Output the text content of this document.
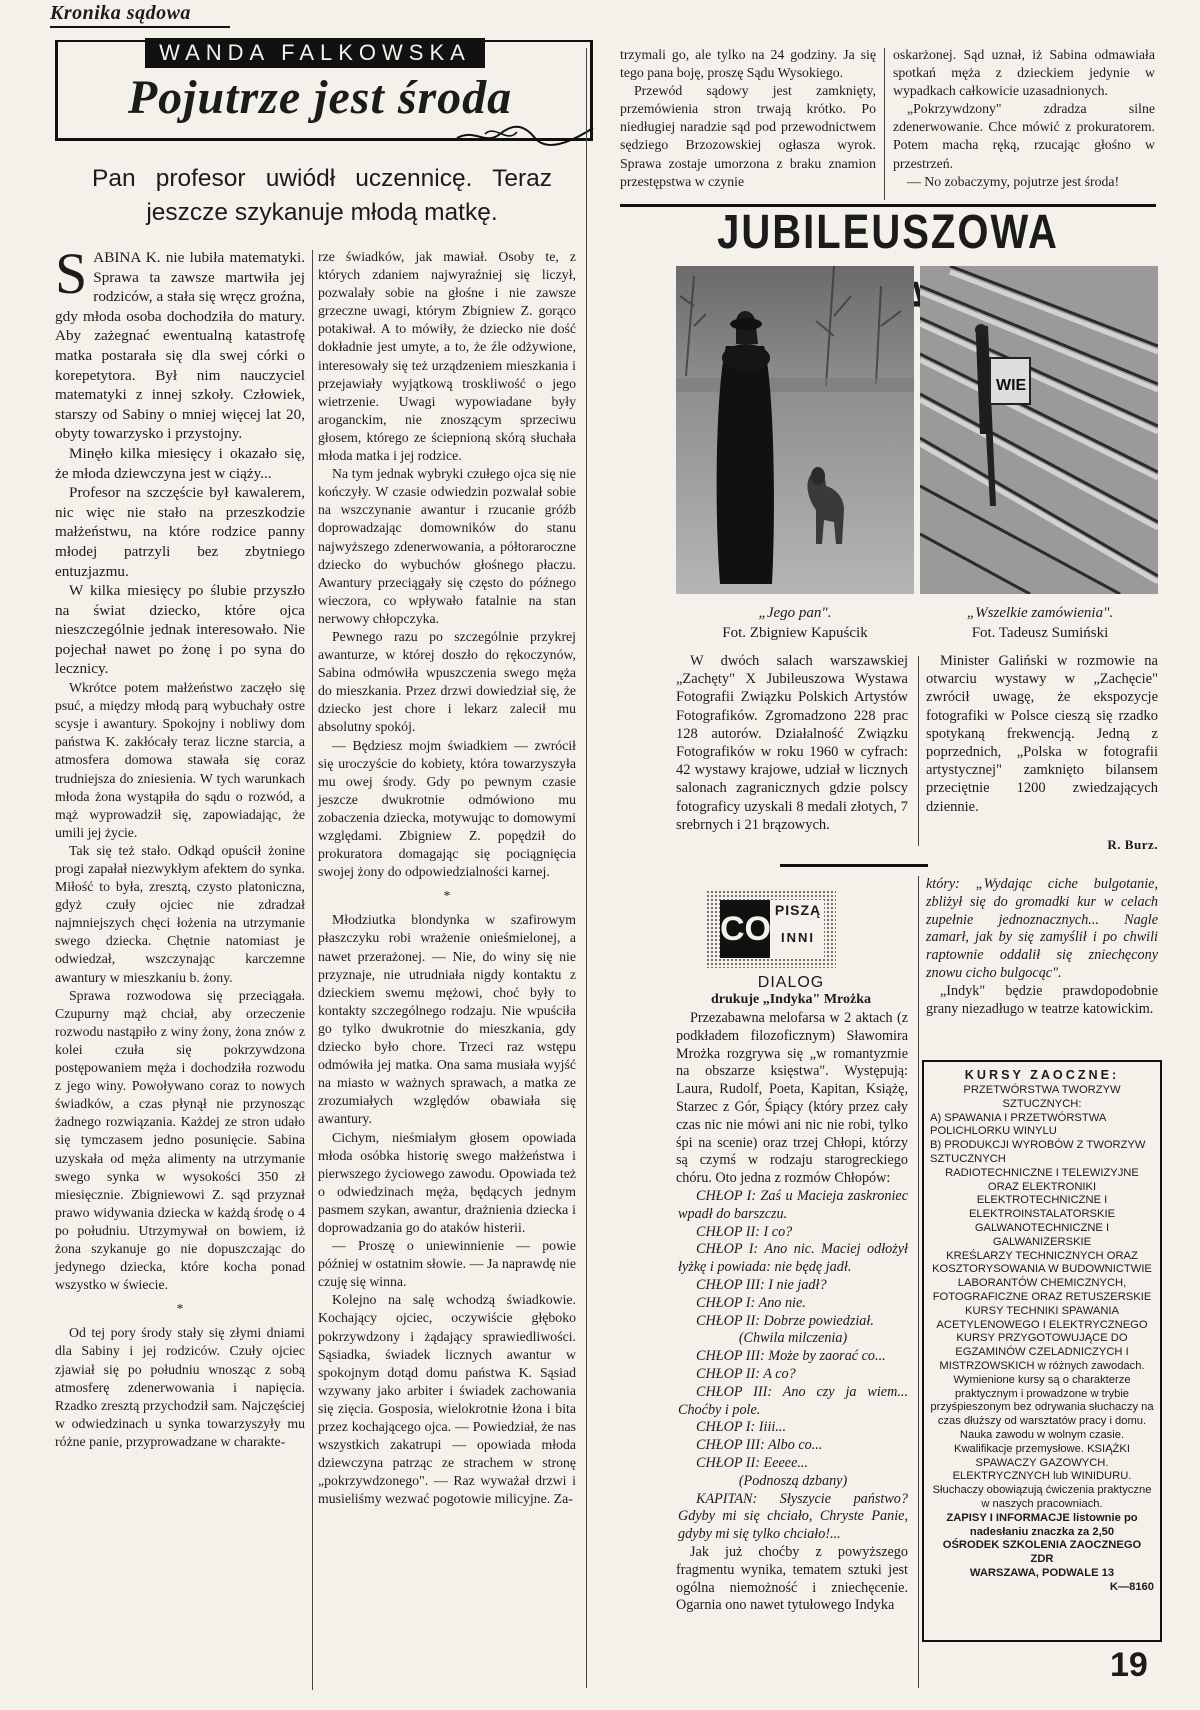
Kronika sądowa
WANDA FALKOWSKA
Pojutrze jest środa
Pan profesor uwiódł uczennicę. Teraz jeszcze szykanuje młodą matkę.

SABINA K. nie lubiła matematyki. Sprawa ta zawsze martwiła jej rodziców, a stała się wręcz groźna, gdy młoda osoba dochodziła do matury. Aby zażegnać ewentualną katastrofę matka postarała się dla swej córki o korepetytora. Był nim nauczyciel matematyki z innej szkoły. Człowiek, starszy od Sabiny o mniej więcej lat 20, obyty towarzysko i przystojny.

Minęło kilka miesięcy i okazało się, że młoda dziewczyna jest w ciąży...

Profesor na szczęście był kawalerem, nic więc nie stało na przeszkodzie małżeństwu, na które rodzice panny młodej patrzyli bez zbytniego entuzjazmu.

W kilka miesięcy po ślubie przyszło na świat dziecko, które ojca nieszczególnie jednak interesowało. Nie pojechał nawet po żonę i po syna do lecznicy.

Wkrótce potem małżeństwo zaczęło się psuć, a między młodą parą wybuchały ostre scysje i awantury. Spokojny i nobliwy dom państwa K. zakłócały teraz liczne starcia, a atmosfera domowa stawała się coraz trudniejsza do zniesienia. W tych warunkach młoda żona wystąpiła do sądu o rozwód, a mąż wyprowadził się, zapowiadając, że umili jej życie.

Tak się też stało. Odkąd opuścił żonine progi zapałał niezwykłym afektem do synka. Miłość to była, zresztą, czysto platoniczna, gdyż czuły ojciec nie zdradzał najmniejszych chęci łożenia na utrzymanie swego dziecka. Chętnie natomiast je odwiedzał, wszczynając karczemne awantury w mieszkaniu b. żony.

Sprawa rozwodowa się przeciągała. Czupurny mąż chciał, aby orzeczenie rozwodu nastąpiło z winy żony, żona znów z kolei czuła się pokrzywdzona postępowaniem męża i dochodziła rozwodu z jego winy. Powoływano coraz to nowych świadków, a czas płynął nie przynosząc żadnego rozwiązania. Każdej ze stron udało się tymczasem jedno posunięcie. Sabina uzyskała od męża alimenty na utrzymanie swego synka w wysokości 350 zł miesięcznie. Zbigniewowi Z. sąd przyznał prawo widywania dziecka w każdą środę o 4 po południu. Utrzymywał on bowiem, iż żona szykanuje go nie dopuszczając do jedynego dziecka, które kocha ponad wszystko w świecie.

*

Od tej pory środy stały się złymi dniami dla Sabiny i jej rodziców. Czuły ojciec zjawiał się po południu wnosząc z sobą atmosferę zdenerwowania i napięcia. Rzadko zresztą przychodził sam. Najczęściej w odwiedzinach u synka towarzyszyły mu różne panie, przyprowadzane w charakte-

rze świadków, jak mawiał. Osoby te, z których zdaniem najwyraźniej się liczył, pozwalały sobie na głośne i nie zawsze grzeczne uwagi, którym Zbigniew Z. gorąco potakiwał. A to mówiły, że dziecko nie dość dokładnie jest umyte, a to, że źle odżywione, interesowały się też urządzeniem mieszkania i przejawiały wyjątkową troskliwość o jego wietrzenie. Uwagi wypowiadane były aroganckim, nie znoszącym sprzeciwu głosem, którego ze ściepnioną skórą słuchała młoda matka i jej rodzice.

Na tym jednak wybryki czułego ojca się nie kończyły. W czasie odwiedzin pozwalał sobie na wszczynanie awantur i rzucanie gróźb doprowadzając domowników do stanu najwyższego zdenerwowania, a półtoraroczne dziecko do wybuchów głośnego płaczu. Awantury przeciągały się często do późnego wieczora, co wpływało fatalnie na stan nerwowy chłopczyka.

Pewnego razu po szczególnie przykrej awanturze, w której doszło do rękoczynów, Sabina odmówiła wpuszczenia swego męża do mieszkania. Przez drzwi dowiedział się, że dziecko jest chore i lekarz zalecił mu absolutny spokój.

— Będziesz mojm świadkiem — zwrócił się uroczyście do kobiety, która towarzyszyła mu owej środy. Gdy po pewnym czasie jeszcze dwukrotnie odmówiono mu zobaczenia dziecka, motywując to domowymi względami. Zbigniew Z. popędził do prokuratora domagając się pociągnięcia swojej żony do odpowiedzialności karnej.

*

Młodziutka blondynka w szafirowym płaszczyku robi wrażenie onieśmielonej, a nawet przerażonej. — Nie, do winy się nie przyznaje, nie utrudniała nigdy kontaktu z dzieckiem swemu mężowi, choć były to kontakty szczególnego rodzaju. Nie wpuściła go tylko dwukrotnie do mieszkania, gdy dziecko było chore. Trzeci raz wstępu odmówiła jej matka. Ona sama musiała wyjść na miasto w ważnych sprawach, a matka ze zrozumiałych względów obawiała się awantury.

Cichym, nieśmiałym głosem opowiada młoda osóbka historię swego małżeństwa i pierwszego życiowego zawodu. Opowiada też o odwiedzinach męża, będących jednym pasmem szykan, awantur, drażnienia dziecka i doprowadzania go do ataków histerii.

— Proszę o uniewinnienie — powie później w ostatnim słowie. — Ja naprawdę nie czuję się winna.

Kolejno na salę wchodzą świadkowie. Kochający ojciec, oczywiście głęboko pokrzywdzony i żądający sprawiedliwości. Sąsiadka, świadek licznych awantur w spokojnym dotąd domu państwa K. Sąsiad wzywany jako arbiter i świadek zachowania się zięcia. Gosposia, wielokrotnie łżona i bita przez kochającego ojca. — Powiedział, że nas wszystkich zakatrupi — opowiada młoda dziewczyna patrząc ze strachem w stronę „pokrzywdzonego". — Raz wyważał drzwi i musieliśmy wezwać pogotowie milicyjne. Za-

trzymali go, ale tylko na 24 godziny. Ja się tego pana boję, proszę Sądu Wysokiego.

Przewód sądowy jest zamknięty, przemówienia stron trwają krótko. Po niedługiej naradzie sąd pod przewodnictwem sędziego Brzozowskiej ogłasza wyrok. Sprawa zostaje umorzona z braku znamion przestępstwa w czynie

oskarżonej. Sąd uznał, iż Sabina odmawiała spotkań męża z dzieckiem jedynie w wypadkach całkowicie uzasadnionych.

„Pokrzywdzony" zdradza silne zdenerwowanie. Chce mówić z prokuratorem. Potem macha ręką, rzucając głośno w przestrzeń.

— No zobaczymy, pojutrze jest środa!

JUBILEUSZOWA
„Jego pan".
Fot. Zbigniew Kapuścik
WIE
„Wszelkie zamówienia".
Fot. Tadeusz Sumiński

W dwóch salach warszawskiej „Zachęty" X Jubileuszowa Wystawa Fotografii Związku Polskich Artystów Fotografików. Zgromadzono 228 prac 128 autorów. Działalność Związku Fotografików w roku 1960 w cyfrach: 42 wystawy krajowe, udział w licznych salonach zagranicznych gdzie polscy fotograficy uzyskali 8 medali złotych, 7 srebrnych i 21 brązowych.

Minister Galiński w rozmowie na otwarciu wystawy w „Zachęcie" zwrócił uwagę, że ekspozycje fotografiki w Polsce cieszą się rzadko spotykaną frekwencją. Jedną z poprzednich, „Polska w fotografii artystycznej" zamknięto bilansem przeciętnie 1200 zwiedzających dziennie.

R. Burz.
CO PISZĄ
INNI
DIALOG
drukuje „Indyka" Mrożka

Przezabawna melofarsa w 2 aktach (z podkładem filozoficznym) Sławomira Mrożka rozgrywa się „w romantyzmie na obszarze księstwa". Występują: Laura, Rudolf, Poeta, Kapitan, Książę, Starzec z Gór, Śpiący (który przez cały czas nic nie mówi ani nic nie robi, tylko śpi na scenie) oraz trzej Chłopi, którzy są czymś w rodzaju starogreckiego chóru. Oto jedna z rozmów Chłopów:

CHŁOP I: Zaś u Macieja zaskroniec wpadł do barszczu.

CHŁOP II: I co?

CHŁOP I: Ano nic. Maciej odłożył łyżkę i powiada: nie będę jadł.

CHŁOP III: I nie jadł?

CHŁOP I: Ano nie.

CHŁOP II: Dobrze powiedział.

(Chwila milczenia)

CHŁOP III: Może by zaorać co...

CHŁOP II: A co?

CHŁOP III: Ano czy ja wiem... Choćby i pole.

CHŁOP I: Iiii...

CHŁOP III: Albo co...

CHŁOP II: Eeeee...

(Podnoszą dzbany)

KAPITAN: Słyszycie państwo? Gdyby mi się chciało, Chryste Panie, gdyby mi się tylko chciało!...

Jak już choćby z powyższego fragmentu wynika, tematem sztuki jest ogólna niemożność i zniechęcenie. Ogarnia ono nawet tytułowego Indyka

który: „Wydając ciche bulgotanie, zbliżył się do gromadki kur w celach zupełnie jednoznacznych... Nagle zamarł, jak by się zamyślił i po chwili raptownie oddalił się zniechęcony znowu cicho bulgocąc".

„Indyk" będzie prawdopodobnie grany niezadługo w teatrze katowickim.

KURSY ZAOCZNE:

PRZETWÓRSTWA TWORZYW SZTUCZNYCH:

A) SPAWANIA I PRZETWÓRSTWA POLICHLORKU WINYLU

B) PRODUKCJI WYROBÓW Z TWORZYW SZTUCZNYCH

RADIOTECHNICZNE I TELEWIZYJNE ORAZ ELEKTRONIKI

ELEKTROTECHNICZNE I ELEKTROINSTALATORSKIE

GALWANOTECHNICZNE I GALWANIZERSKIE

KREŚLARZY TECHNICZNYCH ORAZ KOSZTORYSOWANIA W BUDOWNICTWIE

LABORANTÓW CHEMICZNYCH, FOTOGRAFICZNE ORAZ RETUSZERSKIE

KURSY TECHNIKI SPAWANIA ACETYLENOWEGO I ELEKTRYCZNEGO

KURSY PRZYGOTOWUJĄCE DO EGZAMINÓW CZELADNICZYCH I MISTRZOWSKICH w różnych zawodach.

Wymienione kursy są o charakterze praktycznym i prowadzone w trybie przyśpieszonym bez odrywania słuchaczy na czas dłuższy od warsztatów pracy i domu. Nauka zawodu w wolnym czasie. Kwalifikacje przemysłowe. KSIĄŻKI SPAWACZY GAZOWYCH. ELEKTRYCZNYCH lub WINIDURU.

Słuchaczy obowiązują ćwiczenia praktyczne w naszych pracowniach.

ZAPISY I INFORMACJE listownie po nadesłaniu znaczka za 2,50

OŚRODEK SZKOLENIA ZAOCZNEGO ZDR

WARSZAWA, PODWALE 13

K—8160

19
